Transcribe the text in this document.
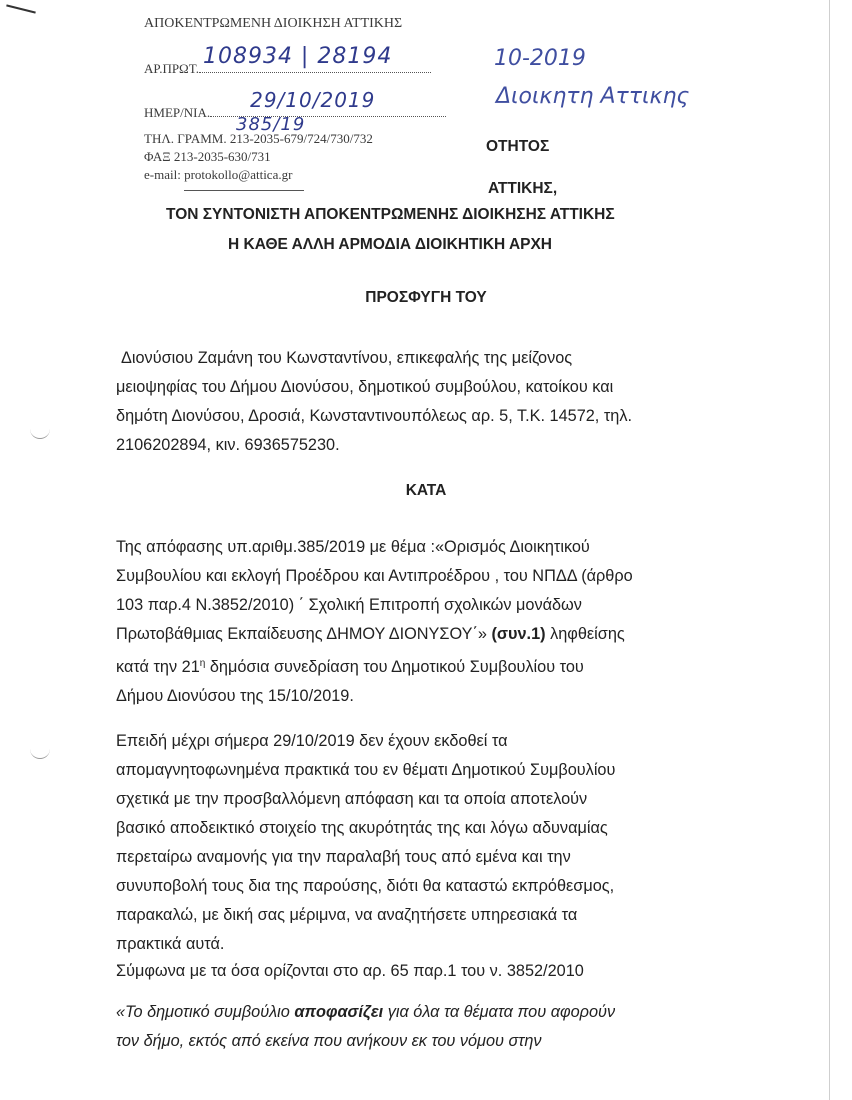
ΑΠΟΚΕΝΤΡΩΜΕΝΗ ΔΙΟΙΚΗΣΗ ΑΤΤΙΚΗΣ
ΑΡ.ΠΡΩΤ. 108934 | 28194
ΗΜΕΡ/ΝΙΑ.
29/10/2019
385/19
ΤΗΛ. ΓΡΑΜΜ. 213-2035-679/724/730/732
ΦΑΞ 213-2035-630/731
e-mail: protokollo@attica.gr
10-2019
Διοικητη Αττικης
ΟΤΗΤΟΣ
ΑΤΤΙΚΗΣ,
ΤΟΝ ΣΥΝΤΟΝΙΣΤΗ ΑΠΟΚΕΝΤΡΩΜΕΝΗΣ ΔΙΟΙΚΗΣΗΣ ΑΤΤΙΚΗΣ
Η ΚΑΘΕ ΑΛΛΗ ΑΡΜΟΔΙΑ ΔΙΟΙΚΗΤΙΚΗ ΑΡΧΗ
ΠΡΟΣΦΥΓΗ ΤΟΥ
Διονύσιου Ζαμάνη του Κωνσταντίνου, επικεφαλής της μείζονος
μειοψηφίας του Δήμου Διονύσου, δημοτικού συμβούλου, κατοίκου και
δημότη Διονύσου, Δροσιά, Κωνσταντινουπόλεως αρ. 5, Τ.Κ. 14572, τηλ.
2106202894, κιν. 6936575230.
ΚΑΤΑ
Της απόφασης υπ.αριθμ.385/2019 με θέμα :«Ορισμός Διοικητικού
Συμβουλίου και εκλογή Προέδρου και Αντιπροέδρου , του ΝΠΔΔ (άρθρο
103 παρ.4 Ν.3852/2010) ΄ Σχολική Επιτροπή σχολικών μονάδων
Πρωτοβάθμιας Εκπαίδευσης ΔΗΜΟΥ ΔΙΟΝΥΣΟΥ΄» (συν.1) ληφθείσης
κατά την $21^\eta$ δημόσια συνεδρίαση του Δημοτικού Συμβουλίου του
Δήμου Διονύσου της 15/10/2019.
Επειδή μέχρι σήμερα 29/10/2019 δεν έχουν εκδοθεί τα
απομαγνητοφωνημένα πρακτικά του εν θέματι Δημοτικού Συμβουλίου
σχετικά με την προσβαλλόμενη απόφαση και τα οποία αποτελούν
βασικό αποδεικτικό στοιχείο της ακυρότητάς της και λόγω αδυναμίας
περεταίρω αναμονής για την παραλαβή τους από εμένα και την
συνυποβολή τους δια της παρούσης, διότι θα καταστώ εκπρόθεσμος,
παρακαλώ, με δική σας μέριμνα, να αναζητήσετε υπηρεσιακά τα
πρακτικά αυτά.
Σύμφωνα με τα όσα ορίζονται στο αρ. 65 παρ.1 του ν. 3852/2010
«Το δημοτικό συμβούλιο αποφασίζει για όλα τα θέματα που αφορούν
τον δήμο, εκτός από εκείνα που ανήκουν εκ του νόμου στην
